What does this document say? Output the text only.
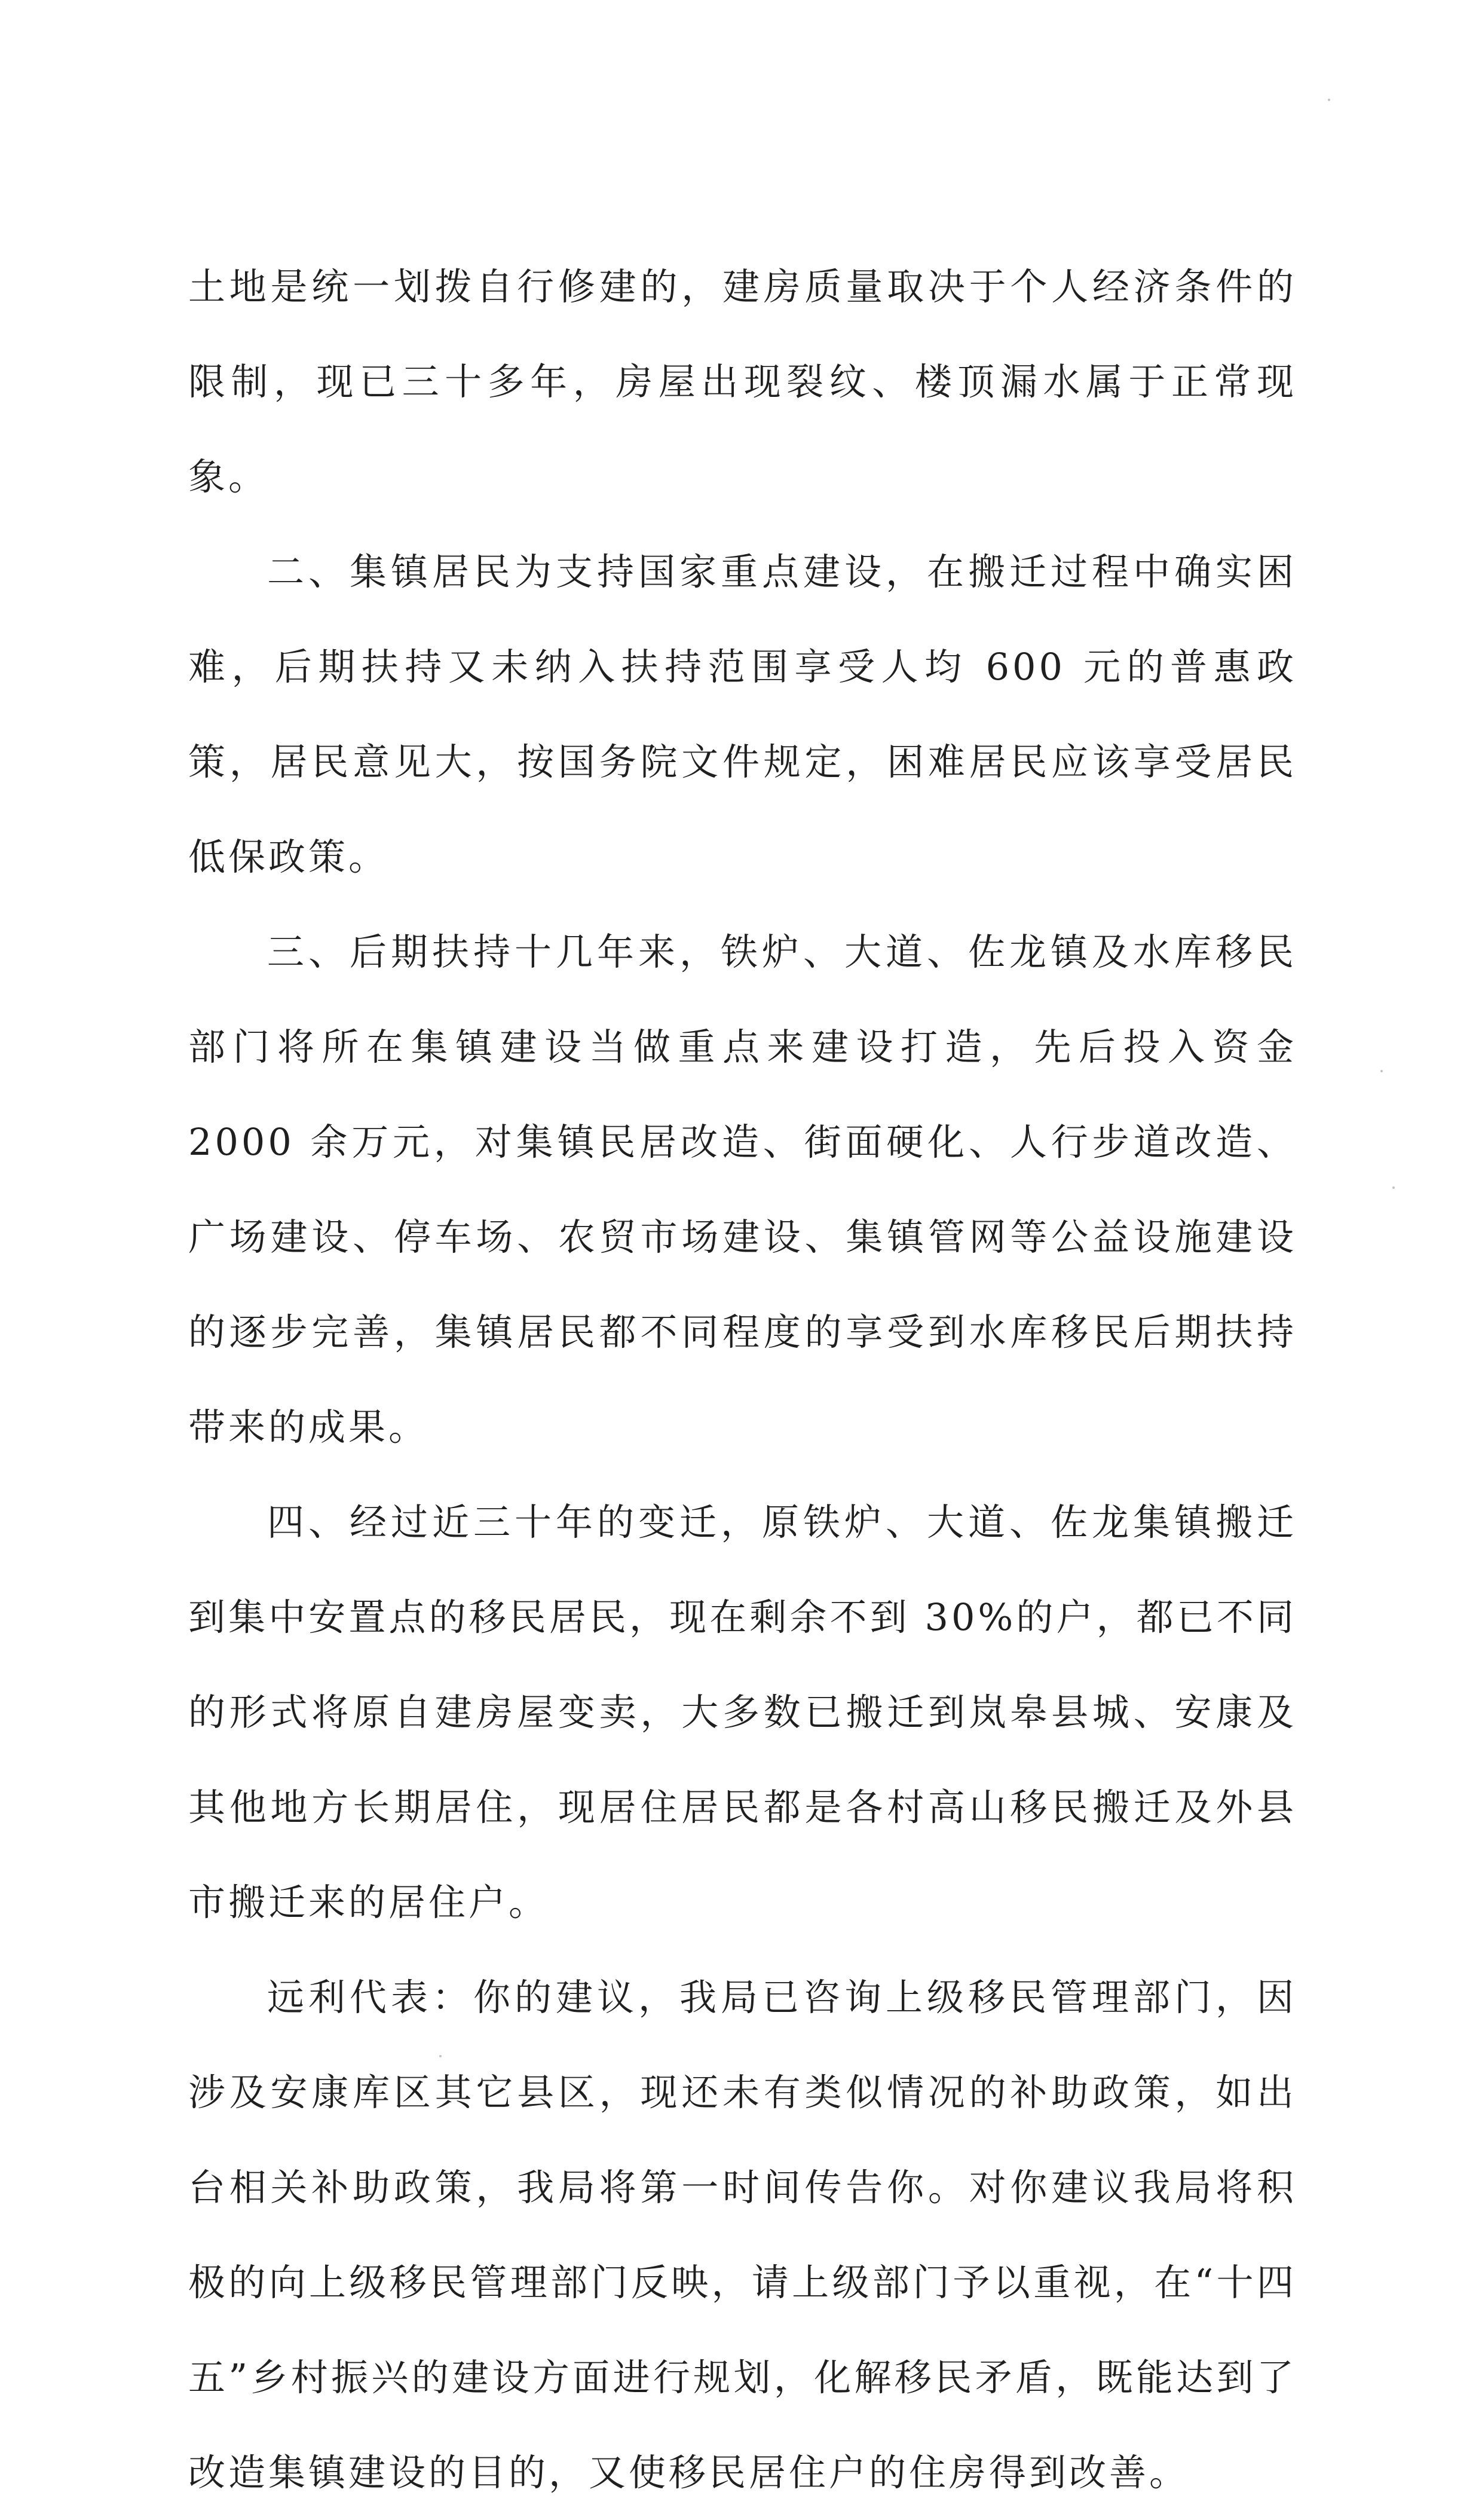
土地是统一划拨自行修建的，建房质量取决于个人经济条件的限制，现已三十多年，房屋出现裂纹、楼顶漏水属于正常现象。

二、集镇居民为支持国家重点建设，在搬迁过程中确实困难，后期扶持又未纳入扶持范围享受人均 600 元的普惠政策，居民意见大，按国务院文件规定，困难居民应该享受居民低保政策。

三、后期扶持十几年来，铁炉、大道、佐龙镇及水库移民部门将所在集镇建设当做重点来建设打造，先后投入资金 2000 余万元，对集镇民居改造、街面硬化、人行步道改造、广场建设、停车场、农贸市场建设、集镇管网等公益设施建设的逐步完善，集镇居民都不同程度的享受到水库移民后期扶持带来的成果。

四、经过近三十年的变迁，原铁炉、大道、佐龙集镇搬迁到集中安置点的移民居民，现在剩余不到 30%的户，都已不同的形式将原自建房屋变卖，大多数已搬迁到岚皋县城、安康及其他地方长期居住，现居住居民都是各村高山移民搬迁及外县市搬迁来的居住户。

远利代表：你的建议，我局已咨询上级移民管理部门，因涉及安康库区其它县区，现还未有类似情况的补助政策，如出台相关补助政策，我局将第一时间传告你。对你建议我局将积极的向上级移民管理部门反映，请上级部门予以重视，在“十四五”乡村振兴的建设方面进行规划，化解移民矛盾，既能达到了改造集镇建设的目的，又使移民居住户的住房得到改善。
